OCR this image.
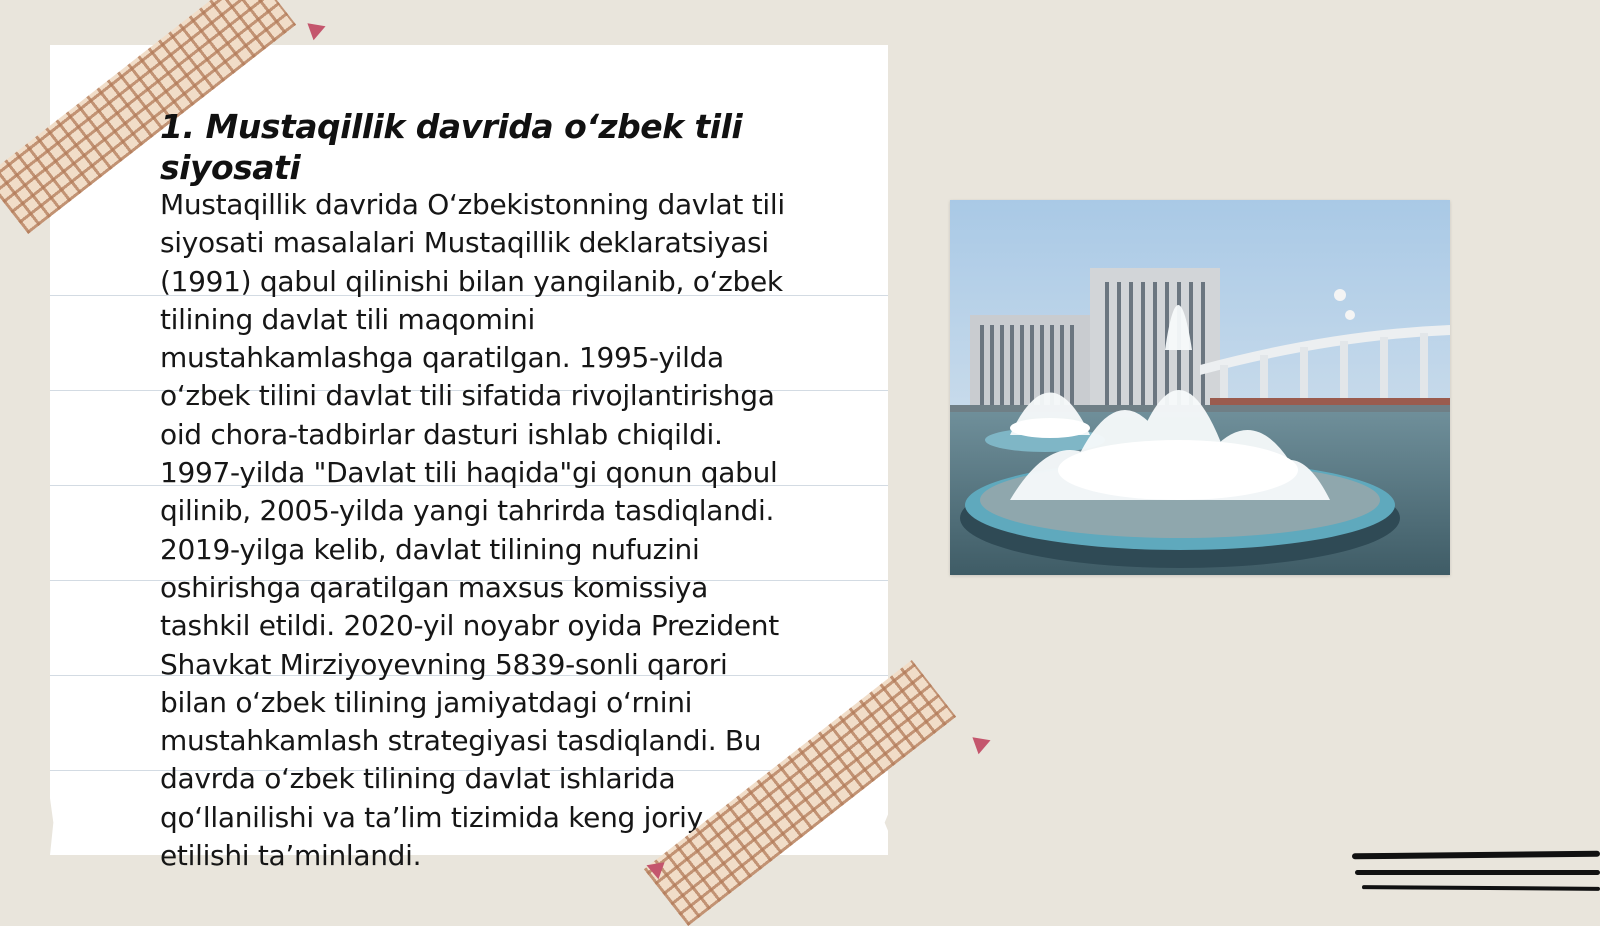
1. Mustaqillik davrida o‘zbek tili siyosati

Mustaqillik davrida O‘zbekistonning davlat tili
siyosati masalalari Mustaqillik deklaratsiyasi
(1991) qabul qilinishi bilan yangilanib, o‘zbek
tilining davlat tili maqomini
mustahkamlashga qaratilgan. 1995-yilda
o‘zbek tilini davlat tili sifatida rivojlantirishga
oid chora-tadbirlar dasturi ishlab chiqildi.
1997-yilda "Davlat tili haqida"gi qonun qabul
qilinib, 2005-yilda yangi tahrirda tasdiqlandi.
2019-yilga kelib, davlat tilining nufuzini
oshirishga qaratilgan maxsus komissiya
tashkil etildi. 2020-yil noyabr oyida Prezident
Shavkat Mirziyoyevning 5839-sonli qarori
bilan o‘zbek tilining jamiyatdagi o‘rnini
mustahkamlash strategiyasi tasdiqlandi. Bu
davrda o‘zbek tilining davlat ishlarida
qo‘llanilishi va ta’lim tizimida keng joriy
etilishi ta’minlandi.
